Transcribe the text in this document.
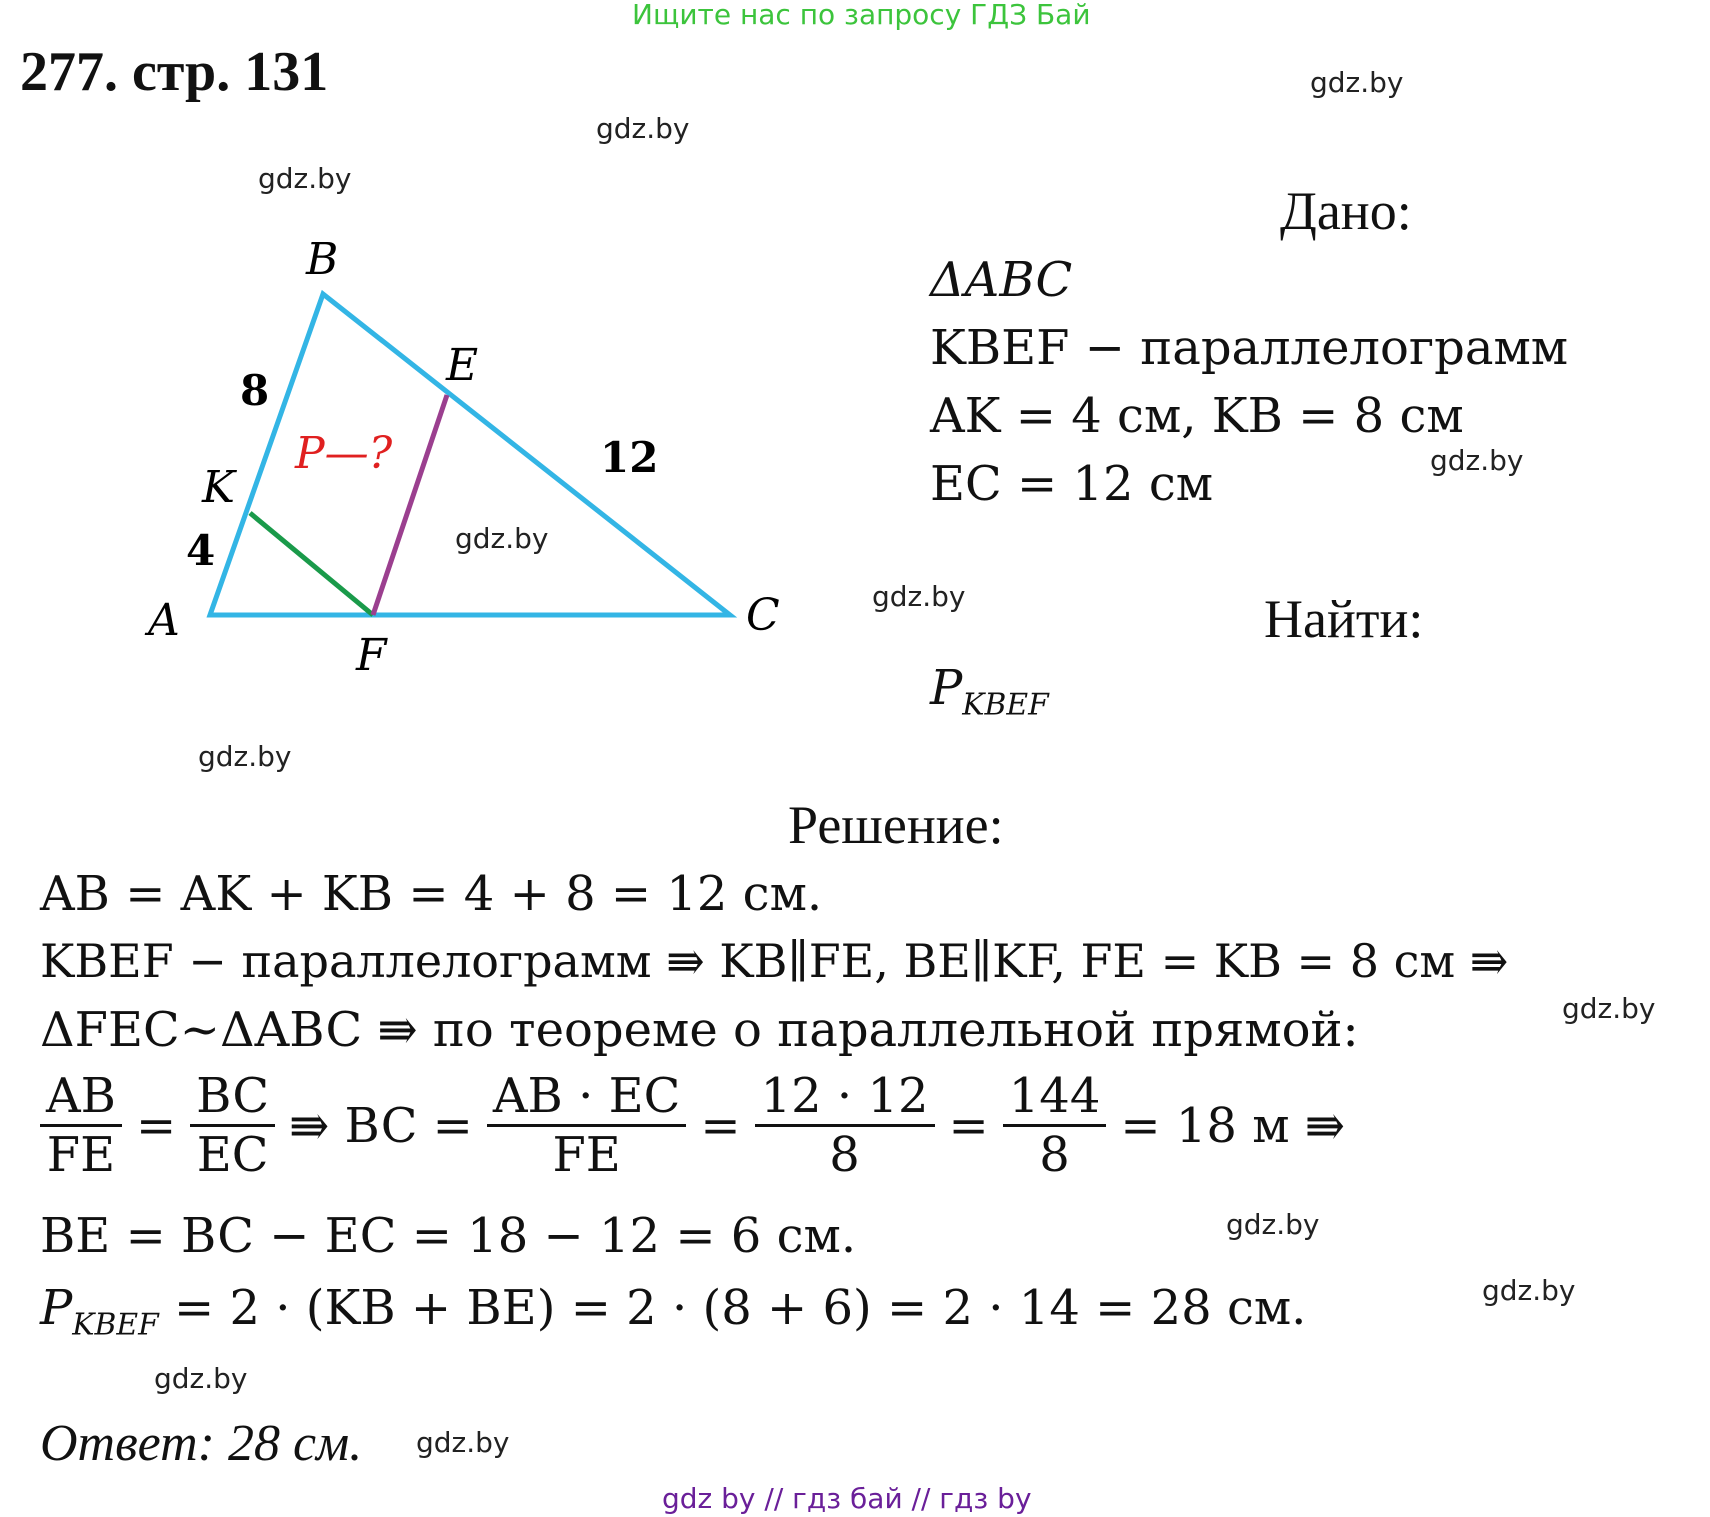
Ищите нас по запросу ГДЗ Бай
277. стр. 131	gdz.by
gdz.by
gdz.by
gdz.by
gdz.by
gdz.by
gdz.by
gdz.by
gdz.by
gdz.by
gdz.by
gdz.by
B
E
K
A
F
C
8
4
12
P—?
Дано:
ΔABC
KBEF − параллелограмм
AK = 4 см, KB = 8 см
EC = 12 см
Найти:
$P_{KBEF}$
Решение:
AB = AK + KB = 4 + 8 = 12 см.
KBEF − параллелограмм ⇛ KB∥FE, BE∥KF, FE = KB = 8 см ⇛
ΔFEC~ΔABC ⇛ по теореме о параллельной прямой:
$\frac{AB}{FE} = \frac{BC}{EC}$ ⇛ BC = $\frac{AB \cdot EC}{FE} = \frac{12 \cdot 12}{8} = \frac{144}{8} = 18$ м ⇛
BE = BC − EC = 18 − 12 = 6 см.
$P_{KBEF} = 2 \cdot (KB + BE) = 2 \cdot (8 + 6) = 2 \cdot 14 = 28$ см.
Ответ: 28 см.
gdz by // гдз бай // гдз by
